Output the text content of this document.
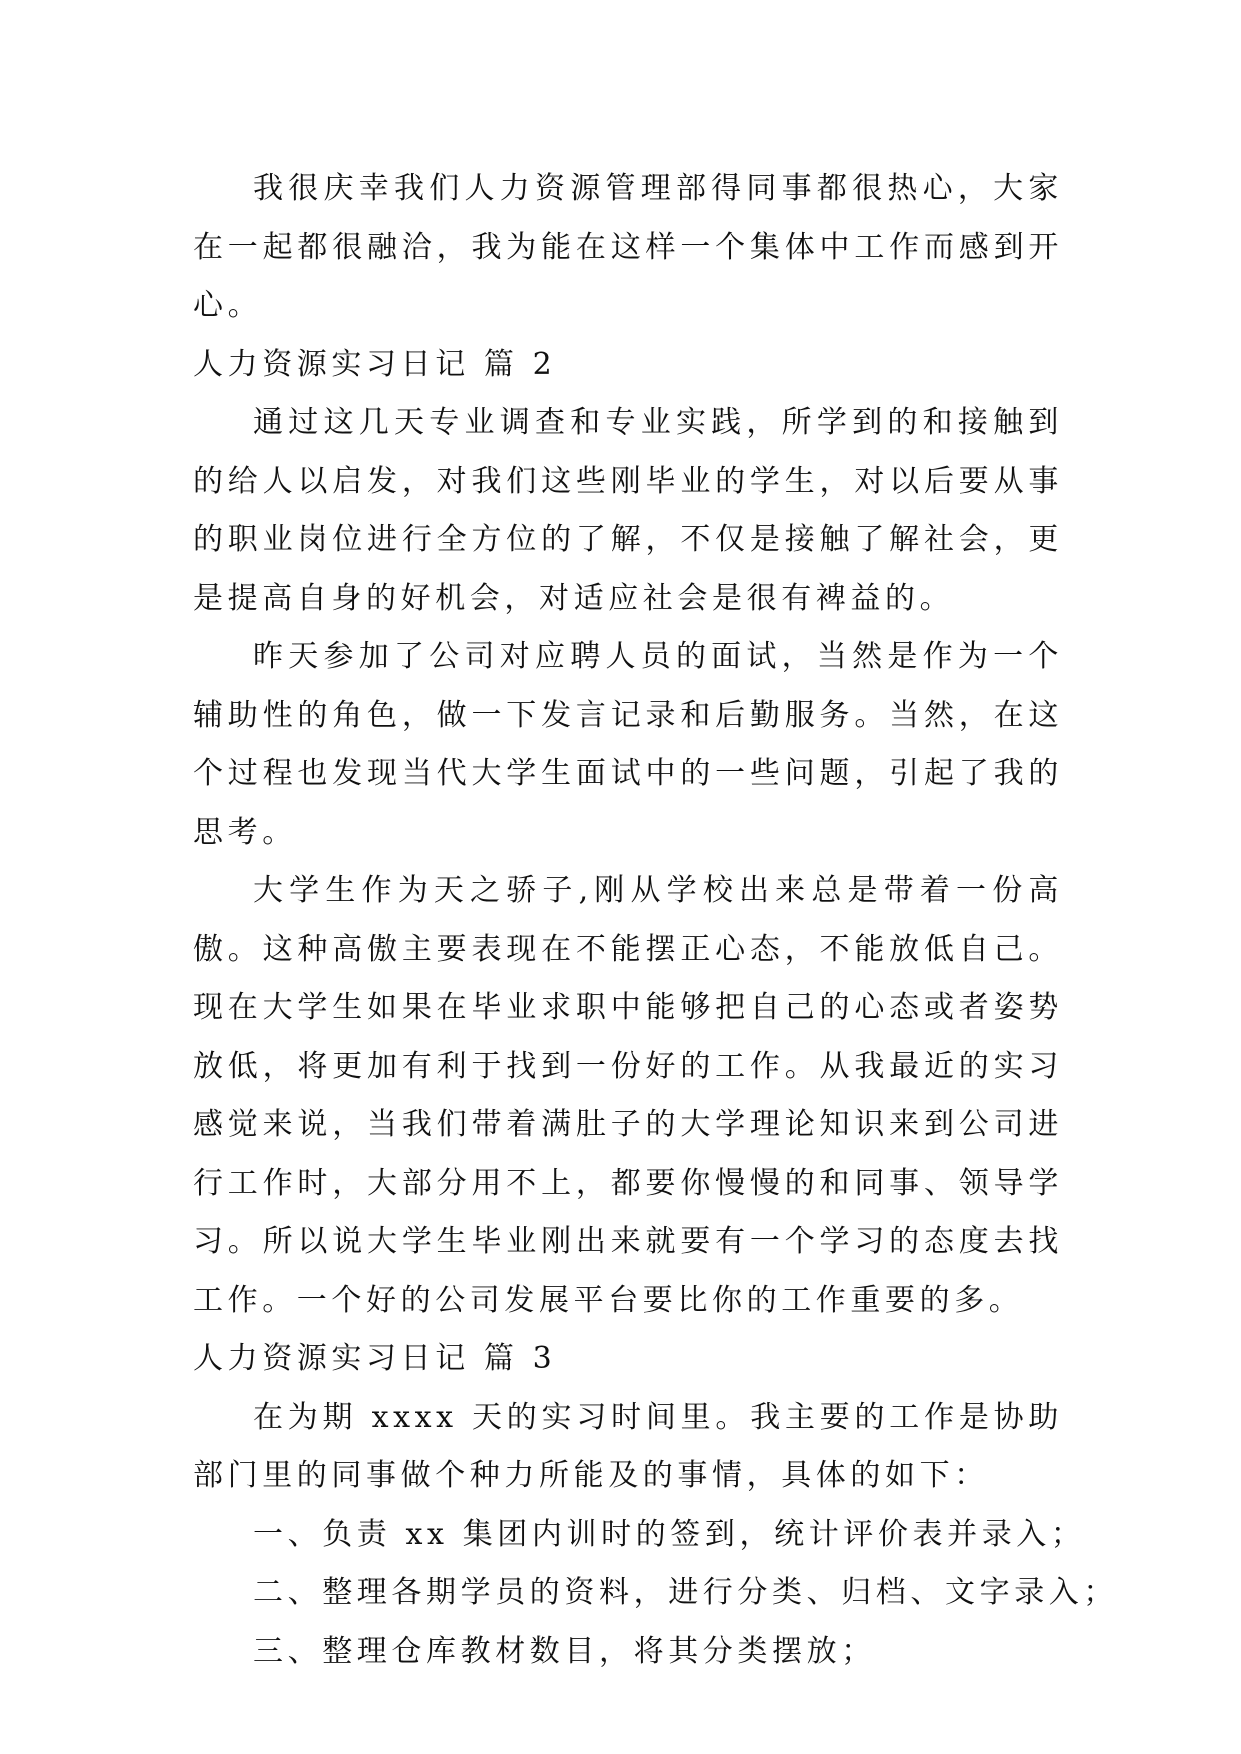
我很庆幸我们人力资源管理部得同事都很热心，大家在一起都很融洽，我为能在这样一个集体中工作而感到开心。

人力资源实习日记 篇 2

通过这几天专业调查和专业实践，所学到的和接触到的给人以启发，对我们这些刚毕业的学生，对以后要从事的职业岗位进行全方位的了解，不仅是接触了解社会，更是提高自身的好机会，对适应社会是很有裨益的。

昨天参加了公司对应聘人员的面试，当然是作为一个辅助性的角色，做一下发言记录和后勤服务。当然，在这个过程也发现当代大学生面试中的一些问题，引起了我的思考。

大学生作为天之骄子,刚从学校出来总是带着一份高傲。这种高傲主要表现在不能摆正心态，不能放低自己。现在大学生如果在毕业求职中能够把自己的心态或者姿势放低，将更加有利于找到一份好的工作。从我最近的实习感觉来说，当我们带着满肚子的大学理论知识来到公司进行工作时，大部分用不上，都要你慢慢的和同事、领导学习。所以说大学生毕业刚出来就要有一个学习的态度去找工作。一个好的公司发展平台要比你的工作重要的多。

人力资源实习日记 篇 3

在为期 xxxx 天的实习时间里。我主要的工作是协助部门里的同事做个种力所能及的事情，具体的如下：

一、负责 xx 集团内训时的签到，统计评价表并录入；

二、整理各期学员的资料，进行分类、归档、文字录入；

三、整理仓库教材数目，将其分类摆放；
